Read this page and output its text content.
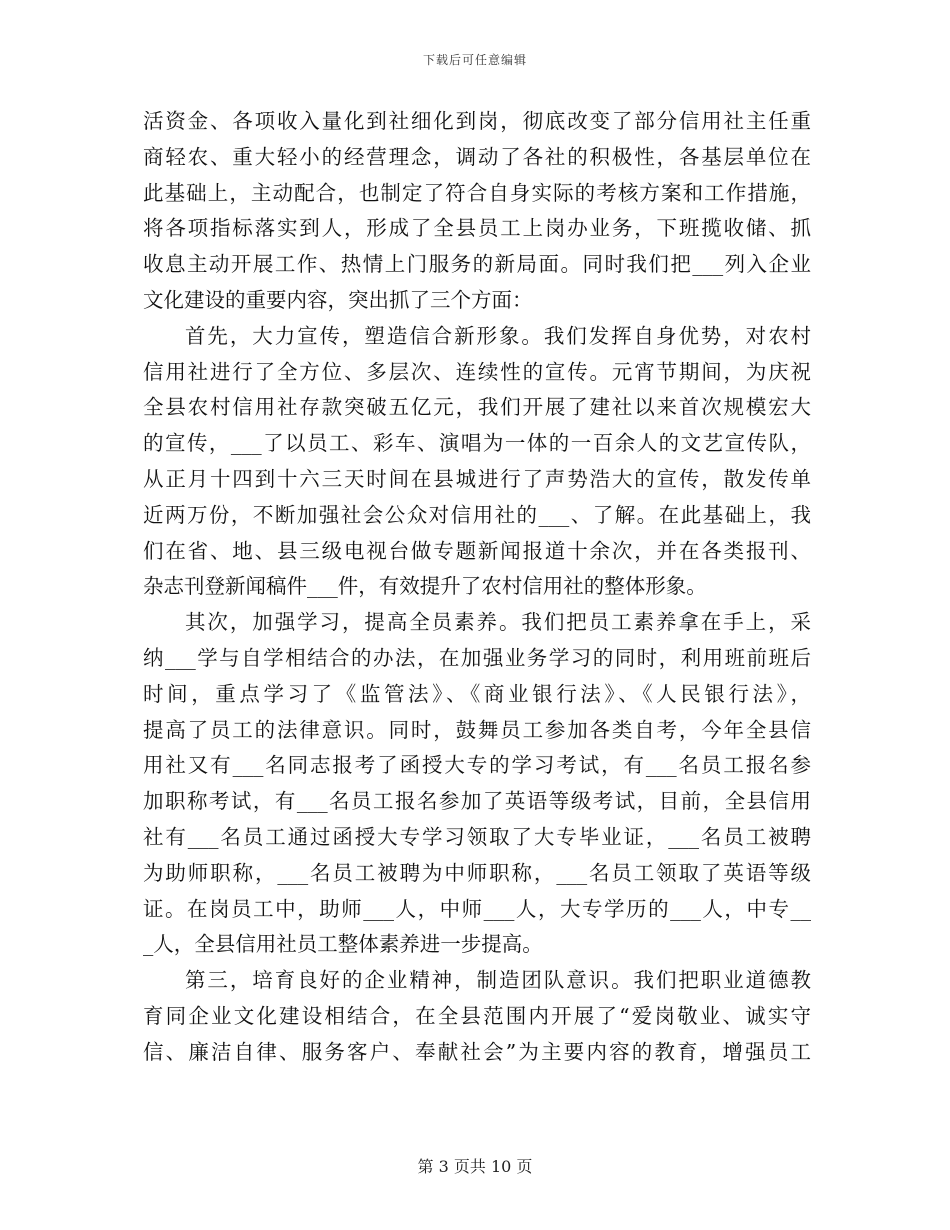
下载后可任意编辑
活资金、各项收入量化到社细化到岗，彻底改变了部分信用社主任重
商轻农、重大轻小的经营理念，调动了各社的积极性，各基层单位在
此基础上，主动配合，也制定了符合自身实际的考核方案和工作措施，
将各项指标落实到人，形成了全县员工上岗办业务，下班揽收储、抓
收息主动开展工作、热情上门服务的新局面。同时我们把___列入企业
文化建设的重要内容，突出抓了三个方面：
首先，大力宣传，塑造信合新形象。我们发挥自身优势，对农村
信用社进行了全方位、多层次、连续性的宣传。元宵节期间，为庆祝
全县农村信用社存款突破五亿元，我们开展了建社以来首次规模宏大
的宣传，___了以员工、彩车、演唱为一体的一百余人的文艺宣传队，
从正月十四到十六三天时间在县城进行了声势浩大的宣传，散发传单
近两万份，不断加强社会公众对信用社的___、了解。在此基础上，我
们在省、地、县三级电视台做专题新闻报道十余次，并在各类报刊、
杂志刊登新闻稿件___件，有效提升了农村信用社的整体形象。
其次，加强学习，提高全员素养。我们把员工素养拿在手上，采
纳___学与自学相结合的办法，在加强业务学习的同时，利用班前班后
时间，重点学习了《监管法》、《商业银行法》、《人民银行法》，
提高了员工的法律意识。同时，鼓舞员工参加各类自考，今年全县信
用社又有___名同志报考了函授大专的学习考试，有___名员工报名参
加职称考试，有___名员工报名参加了英语等级考试，目前，全县信用
社有___名员工通过函授大专学习领取了大专毕业证，___名员工被聘
为助师职称，___名员工被聘为中师职称，___名员工领取了英语等级
证。在岗员工中，助师___人，中师___人，大专学历的___人，中专__
_人，全县信用社员工整体素养进一步提高。
第三，培育良好的企业精神，制造团队意识。我们把职业道德教
育同企业文化建设相结合，在全县范围内开展了“爱岗敬业、诚实守
信、廉洁自律、服务客户、奉献社会”为主要内容的教育，增强员工
第 3 页共 10 页
